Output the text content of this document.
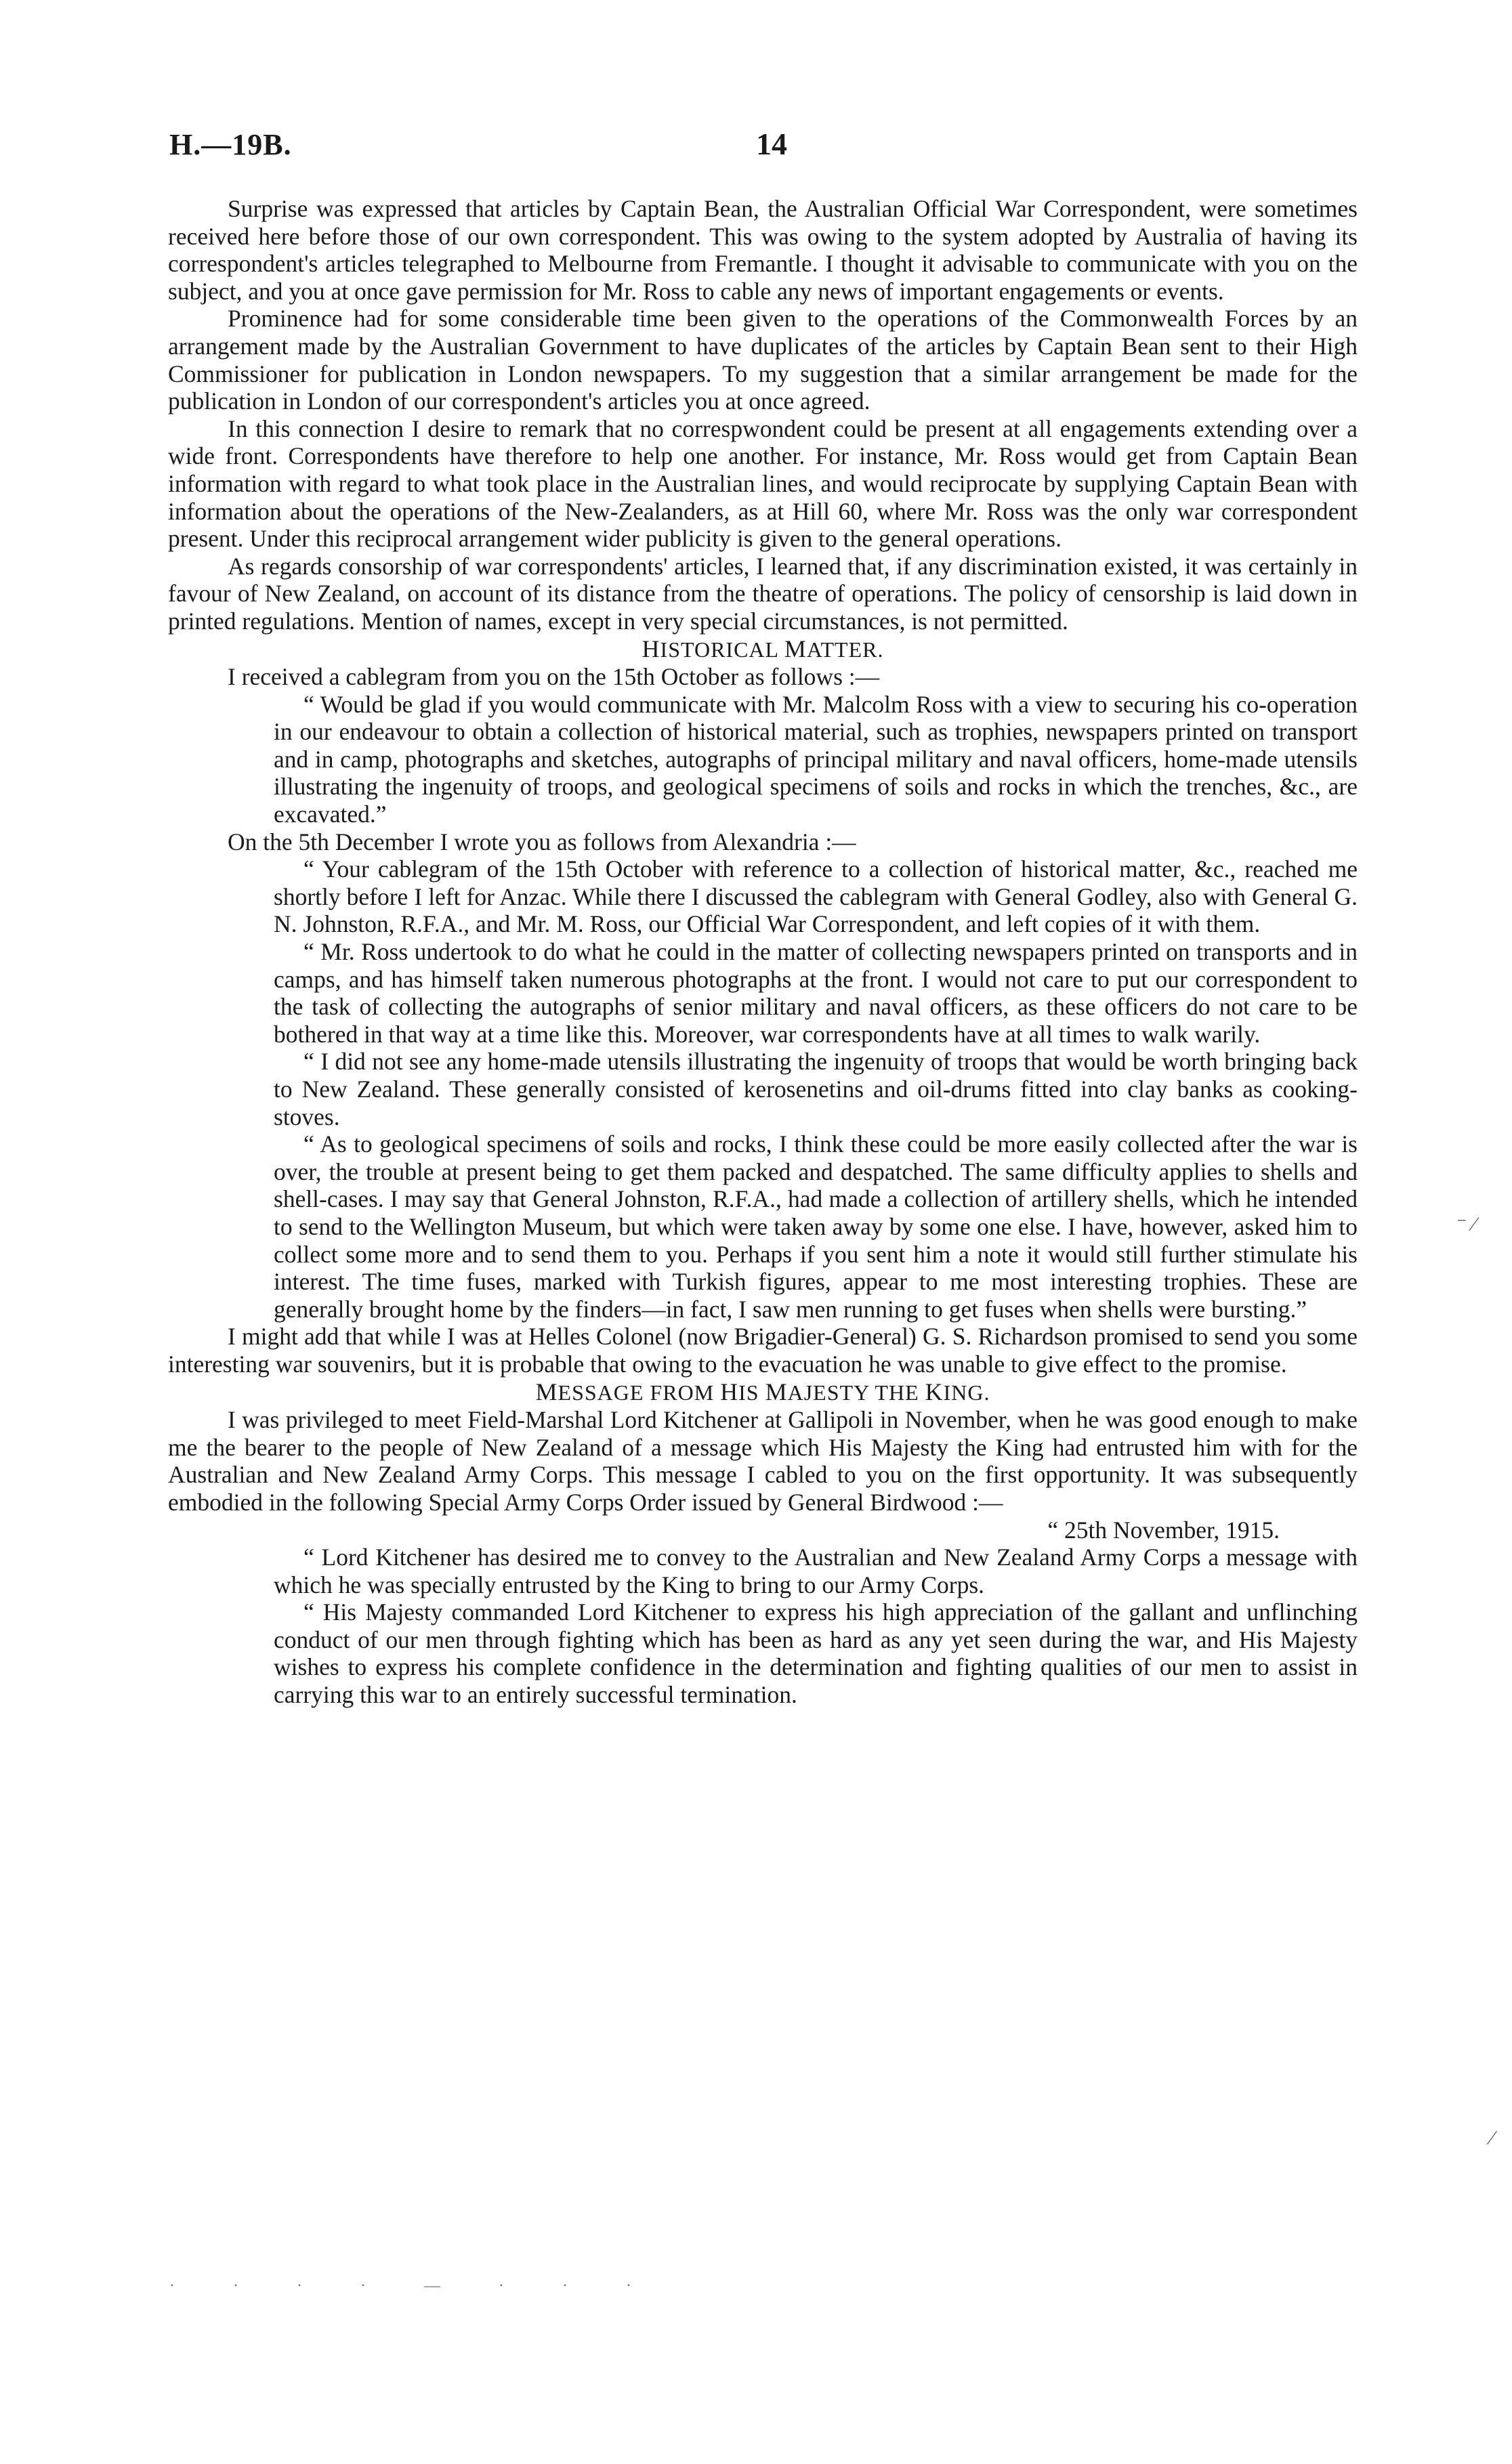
H.—19B.	14

Surprise was expressed that articles by Captain Bean, the Australian Official War Correspondent, were sometimes received here before those of our own correspondent. This was owing to the system adopted by Australia of having its correspondent's articles telegraphed to Melbourne from Fremantle. I thought it advisable to communicate with you on the subject, and you at once gave permission for Mr. Ross to cable any news of important engagements or events.

Prominence had for some considerable time been given to the operations of the Commonwealth Forces by an arrangement made by the Australian Government to have duplicates of the articles by Captain Bean sent to their High Commissioner for publication in London newspapers. To my suggestion that a similar arrangement be made for the publication in London of our correspondent's articles you at once agreed.

In this connection I desire to remark that no correspwondent could be present at all engagements extending over a wide front. Correspondents have therefore to help one another. For instance, Mr. Ross would get from Captain Bean information with regard to what took place in the Australian lines, and would reciprocate by supplying Captain Bean with information about the operations of the New-Zealanders, as at Hill 60, where Mr. Ross was the only war correspondent present. Under this reciprocal arrangement wider publicity is given to the general operations.

As regards consorship of war correspondents' articles, I learned that, if any discrimination existed, it was certainly in favour of New Zealand, on account of its distance from the theatre of operations. The policy of censorship is laid down in printed regulations. Mention of names, except in very special circumstances, is not permitted.

HISTORICAL MATTER.

I received a cablegram from you on the 15th October as follows :—

“ Would be glad if you would communicate with Mr. Malcolm Ross with a view to securing his co-operation in our endeavour to obtain a collection of historical material, such as trophies, newspapers printed on transport and in camp, photographs and sketches, autographs of principal military and naval officers, home-made utensils illustrating the ingenuity of troops, and geological specimens of soils and rocks in which the trenches, &c., are excavated.”

On the 5th December I wrote you as follows from Alexandria :—

“ Your cablegram of the 15th October with reference to a collection of historical matter, &c., reached me shortly before I left for Anzac. While there I discussed the cablegram with General Godley, also with General G. N. Johnston, R.F.A., and Mr. M. Ross, our Official War Correspondent, and left copies of it with them.

“ Mr. Ross undertook to do what he could in the matter of collecting newspapers printed on transports and in camps, and has himself taken numerous photographs at the front. I would not care to put our correspondent to the task of collecting the autographs of senior military and naval officers, as these officers do not care to be bothered in that way at a time like this. Moreover, war correspondents have at all times to walk warily.

“ I did not see any home-made utensils illustrating the ingenuity of troops that would be worth bringing back to New Zealand. These generally consisted of kerosenetins and oil-drums fitted into clay banks as cooking-stoves.

“ As to geological specimens of soils and rocks, I think these could be more easily collected after the war is over, the trouble at present being to get them packed and despatched. The same difficulty applies to shells and shell-cases. I may say that General Johnston, R.F.A., had made a collection of artillery shells, which he intended to send to the Wellington Museum, but which were taken away by some one else. I have, however, asked him to collect some more and to send them to you. Perhaps if you sent him a note it would still further stimulate his interest. The time fuses, marked with Turkish figures, appear to me most interesting trophies. These are generally brought home by the finders—in fact, I saw men running to get fuses when shells were bursting.”

I might add that while I was at Helles Colonel (now Brigadier-General) G. S. Richardson promised to send you some interesting war souvenirs, but it is probable that owing to the evacuation he was unable to give effect to the promise.

MESSAGE FROM HIS MAJESTY THE KING.

I was privileged to meet Field-Marshal Lord Kitchener at Gallipoli in November, when he was good enough to make me the bearer to the people of New Zealand of a message which His Majesty the King had entrusted him with for the Australian and New Zealand Army Corps. This message I cabled to you on the first opportunity. It was subsequently embodied in the following Special Army Corps Order issued by General Birdwood :—

“ 25th November, 1915.

“ Lord Kitchener has desired me to convey to the Australian and New Zealand Army Corps a message with which he was specially entrusted by the King to bring to our Army Corps.

“ His Majesty commanded Lord Kitchener to express his high appreciation of the gallant and unflinching conduct of our men through fighting which has been as hard as any yet seen during the war, and His Majesty wishes to express his complete confidence in the determination and fighting qualities of our men to assist in carrying this war to an entirely successful termination.

⁻ ⁄
⁄
· · · · — · · ·
